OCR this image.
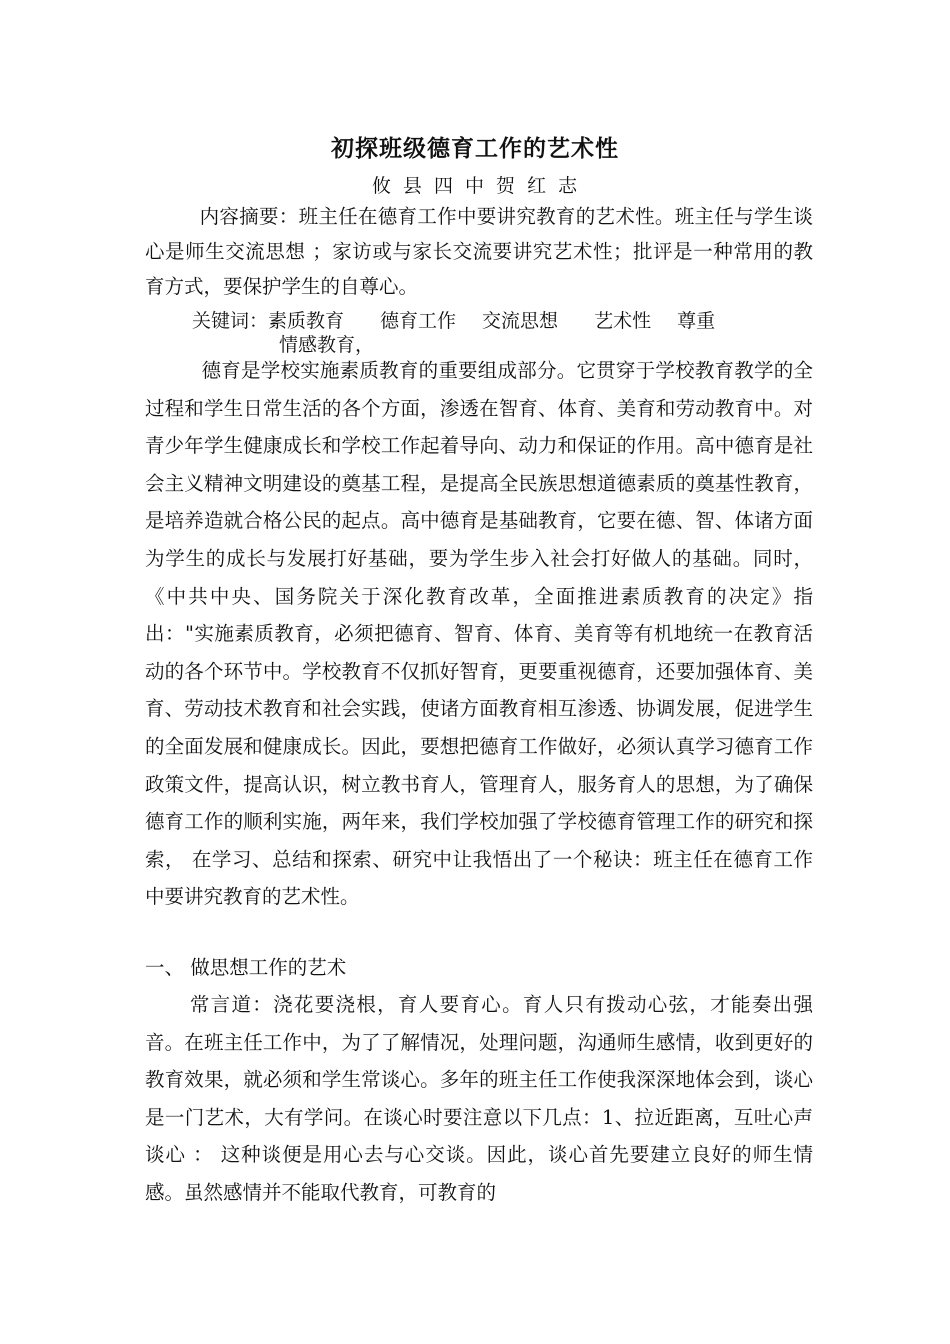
初探班级德育工作的艺术性
攸 县 四 中 贺 红 志

内容摘要：班主任在德育工作中要讲究教育的艺术性。班主任与学生谈心是师生交流思想 ；家访或与家长交流要讲究艺术性；批评是一种常用的教育方式，要保护学生的自尊心。

关键词：素质教育 德育工作 交流思想 艺术性 尊重
情感教育，

德育是学校实施素质教育的重要组成部分。它贯穿于学校教育教学的全过程和学生日常生活的各个方面，渗透在智育、体育、美育和劳动教育中。对青少年学生健康成长和学校工作起着导向、动力和保证的作用。高中德育是社会主义精神文明建设的奠基工程，是提高全民族思想道德素质的奠基性教育，是培养造就合格公民的起点。高中德育是基础教育，它要在德、智、体诸方面为学生的成长与发展打好基础，要为学生步入社会打好做人的基础。同时，《中共中央、国务院关于深化教育改革，全面推进素质教育的决定》指出："实施素质教育，必须把德育、智育、体育、美育等有机地统一在教育活动的各个环节中。学校教育不仅抓好智育，更要重视德育，还要加强体育、美育、劳动技术教育和社会实践，使诸方面教育相互渗透、协调发展，促进学生的全面发展和健康成长。因此，要想把德育工作做好，必须认真学习德育工作政策文件，提高认识，树立教书育人，管理育人，服务育人的思想，为了确保德育工作的顺利实施，两年来，我们学校加强了学校德育管理工作的研究和探索， 在学习、总结和探索、研究中让我悟出了一个秘诀：班主任在德育工作中要讲究教育的艺术性。

一、 做思想工作的艺术

常言道：浇花要浇根，育人要育心。育人只有拨动心弦，才能奏出强音。在班主任工作中，为了了解情况，处理问题，沟通师生感情，收到更好的教育效果，就必须和学生常谈心。多年的班主任工作使我深深地体会到，谈心是一门艺术，大有学问。在谈心时要注意以下几点：1、拉近距离，互吐心声谈心 ： 这种谈便是用心去与心交谈。因此，谈心首先要建立良好的师生情感。虽然感情并不能取代教育，可教育的
